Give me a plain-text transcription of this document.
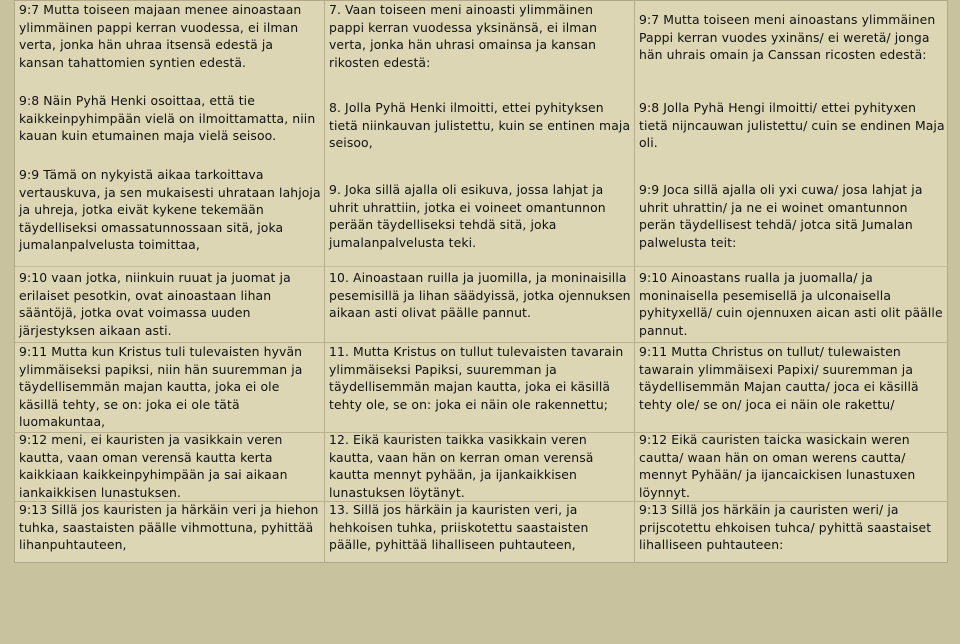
9:7 Mutta toiseen majaan menee ainoastaan ylimmäinen pappi kerran vuodessa, ei ilman verta, jonka hän uhraa itsensä edestä ja kansan tahattomien syntien edestä.
9:8 Näin Pyhä Henki osoittaa, että tie kaikkeinpyhimpään vielä on ilmoittamatta, niin kauan kuin etumainen maja vielä seisoo.
9:9 Tämä on nykyistä aikaa tarkoittava vertauskuva, ja sen mukaisesti uhrataan lahjoja ja uhreja, jotka eivät kykene tekemään täydelliseksi omassatunnossaan sitä, joka jumalanpalvelusta toimittaa,
9:10 vaan jotka, niinkuin ruuat ja juomat ja erilaiset pesotkin, ovat ainoastaan lihan sääntöjä, jotka ovat voimassa uuden järjestyksen aikaan asti.
9:11 Mutta kun Kristus tuli tulevaisten hyvän ylimmäiseksi papiksi, niin hän suuremman ja täydellisemmän majan kautta, joka ei ole käsillä tehty, se on: joka ei ole tätä luomakuntaa,
9:12 meni, ei kauristen ja vasikkain veren kautta, vaan oman verensä kautta kerta kaikkiaan kaikkeinpyhimpään ja sai aikaan iankaikkisen lunastuksen.
9:13 Sillä jos kauristen ja härkäin veri ja hiehon tuhka, saastaisten päälle vihmottuna, pyhittää lihanpuhtauteen,
7. Vaan toiseen meni ainoasti ylimmäinen pappi kerran vuodessa yksinänsä, ei ilman verta, jonka hän uhrasi omainsa ja kansan rikosten edestä:
8. Jolla Pyhä Henki ilmoitti, ettei pyhityksen tietä niinkauvan julistettu, kuin se entinen maja seisoo,
9. Joka sillä ajalla oli esikuva, jossa lahjat ja uhrit uhrattiin, jotka ei voineet omantunnon perään täydelliseksi tehdä sitä, joka jumalanpalvelusta teki.
10. Ainoastaan ruilla ja juomilla, ja moninaisilla pesemisillä ja lihan säädyissä, jotka ojennuksen aikaan asti olivat päälle pannut.
11. Mutta Kristus on tullut tulevaisten tavarain ylimmäiseksi Papiksi, suuremman ja täydellisemmän majan kautta, joka ei käsillä tehty ole, se on: joka ei näin ole rakennettu;
12. Eikä kauristen taikka vasikkain veren kautta, vaan hän on kerran oman verensä kautta mennyt pyhään, ja ijankaikkisen lunastuksen löytänyt.
13. Sillä jos härkäin ja kauristen veri, ja hehkoisen tuhka, priiskotettu saastaisten päälle, pyhittää lihalliseen puhtauteen,
9:7 Mutta toiseen meni ainoastans ylimmäinen Pappi kerran vuodes yxinäns/ ei weretä/ jonga hän uhrais omain ja Canssan ricosten edestä:
9:8 Jolla Pyhä Hengi ilmoitti/ ettei pyhityxen tietä nijncauwan julistettu/ cuin se endinen Maja oli.
9:9 Joca sillä ajalla oli yxi cuwa/ josa lahjat ja uhrit uhrattin/ ja ne ei woinet omantunnon perän täydellisest tehdä/ jotca sitä Jumalan palwelusta teit:
9:10 Ainoastans rualla ja juomalla/ ja moninaisella pesemisellä ja ulconaisella pyhityxellä/ cuin ojennuxen aican asti olit päälle pannut.
9:11 Mutta Christus on tullut/ tulewaisten tawarain ylimmäisexi Papixi/ suuremman ja täydellisemmän Majan cautta/ joca ei käsillä tehty ole/ se on/ joca ei näin ole rakettu/
9:12 Eikä cauristen taicka wasickain weren cautta/ waan hän on oman werens cautta/ mennyt Pyhään/ ja ijancaickisen lunastuxen löynnyt.
9:13 Sillä jos härkäin ja cauristen weri/ ja prijscotettu ehkoisen tuhca/ pyhittä saastaiset lihalliseen puhtauteen:
